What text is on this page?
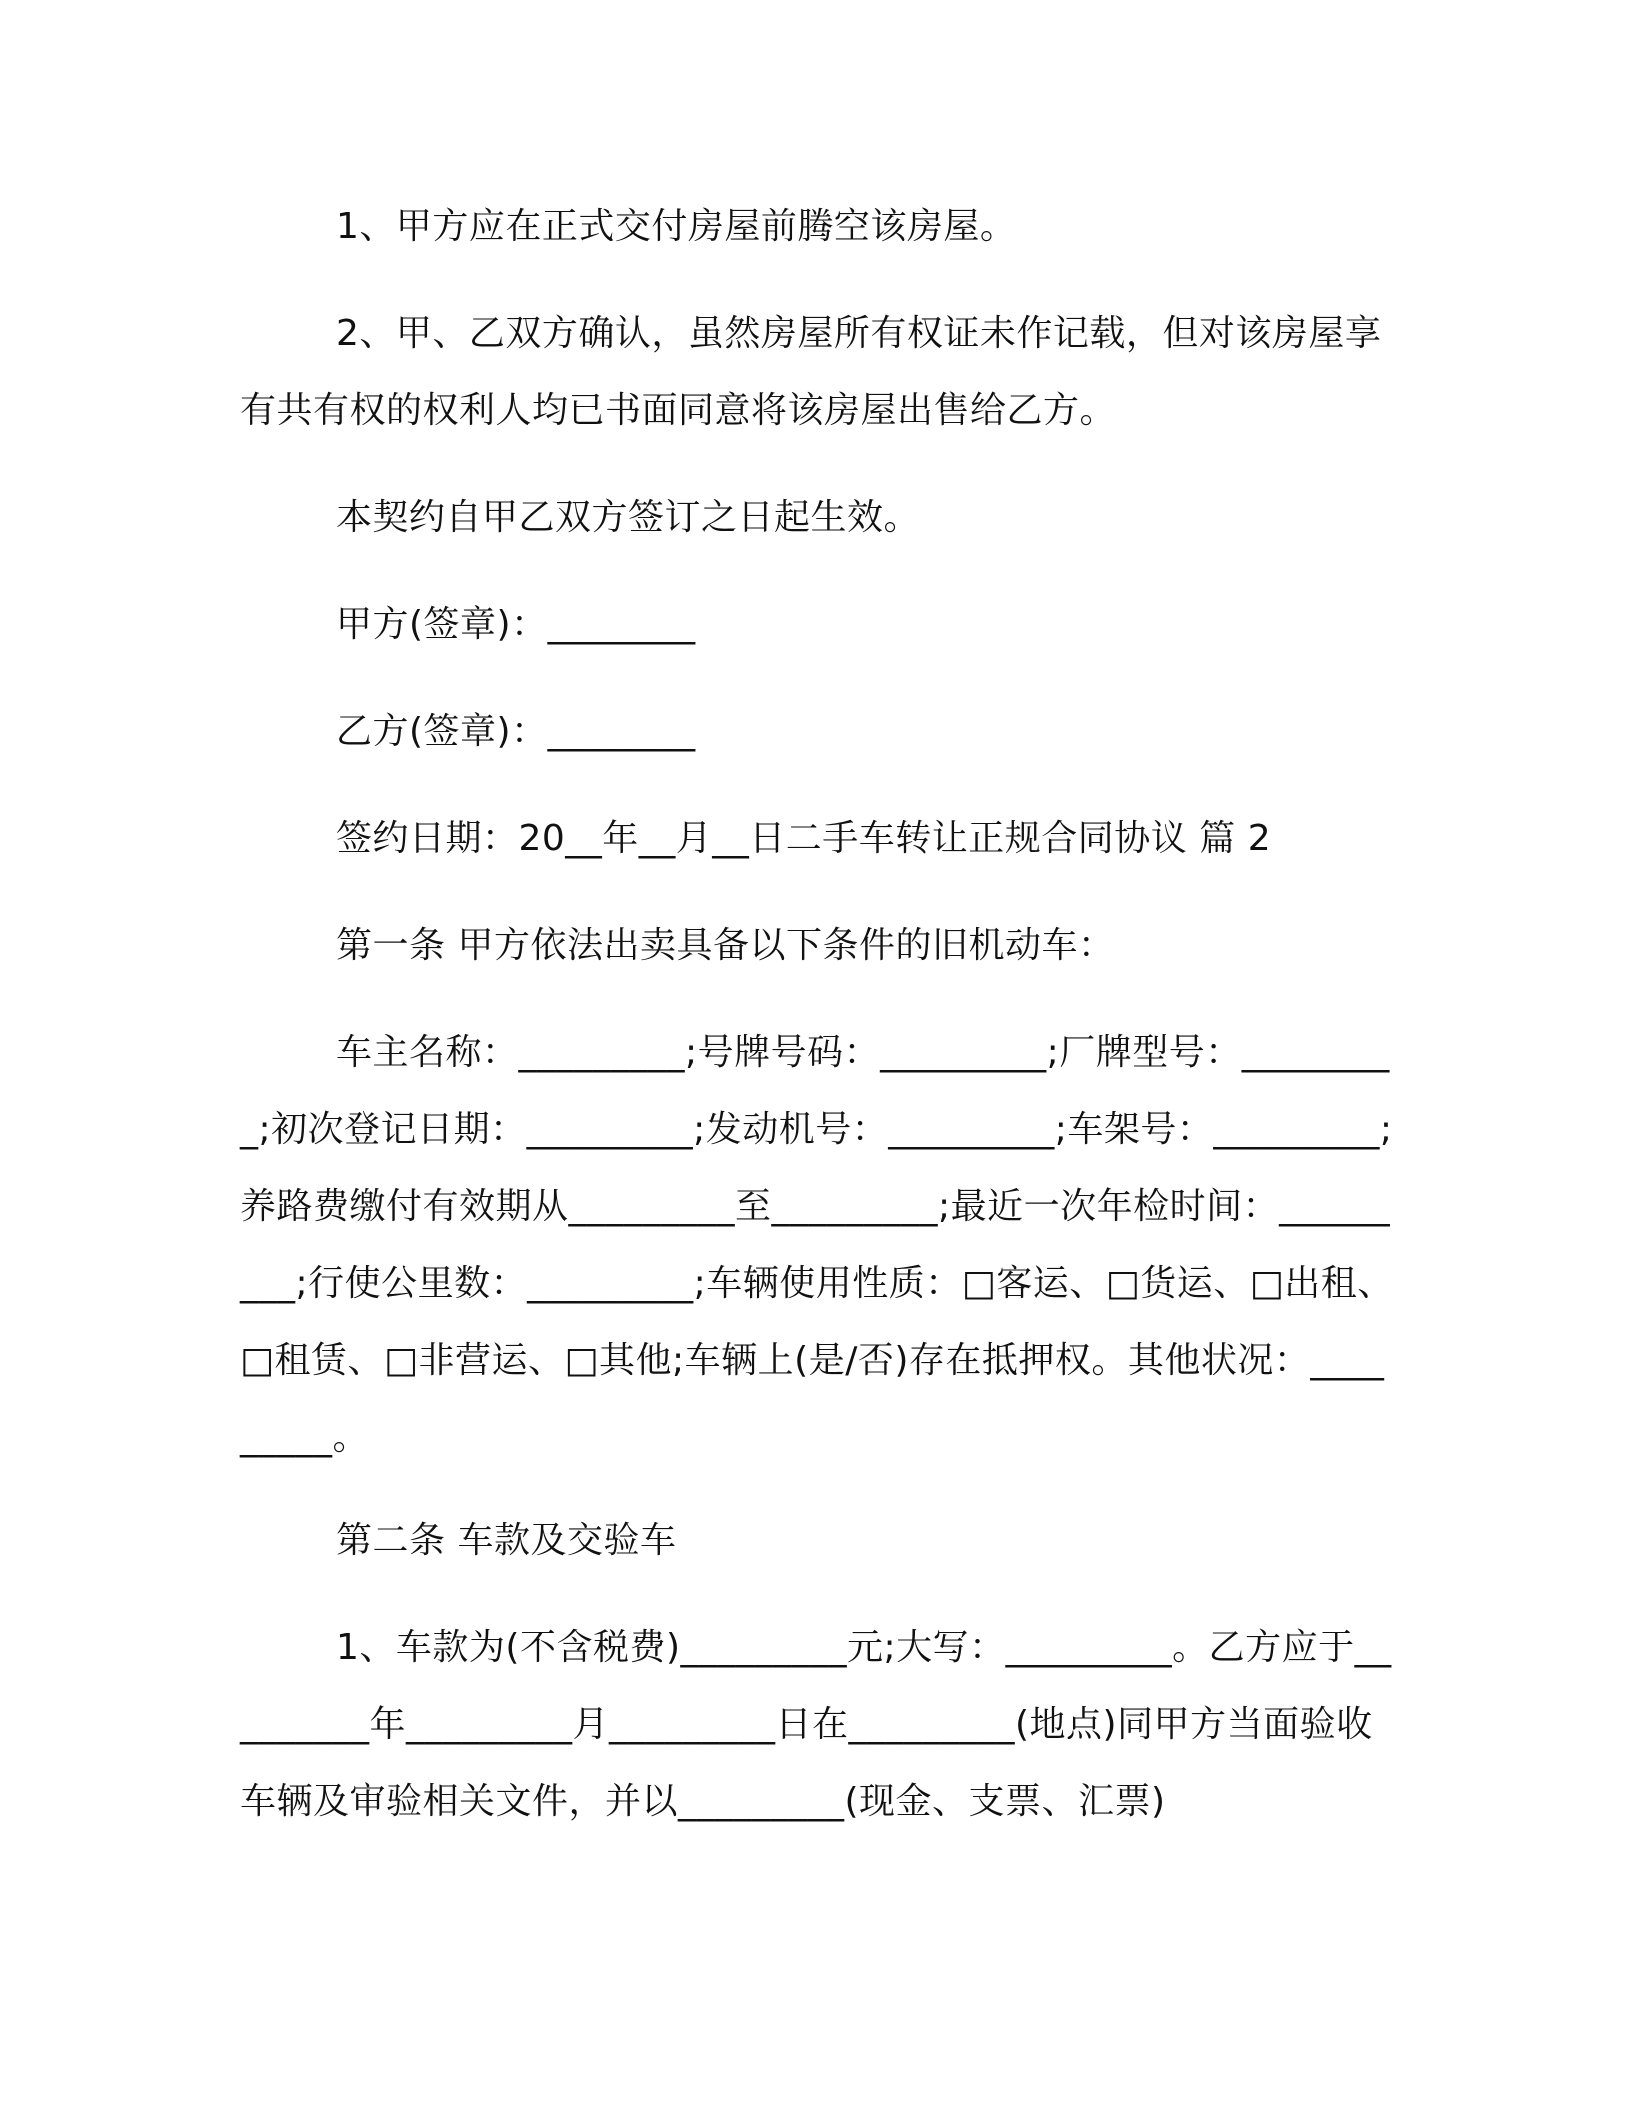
1、甲方应在正式交付房屋前腾空该房屋。

2、甲、乙双方确认，虽然房屋所有权证未作记载，但对该房屋享有共有权的权利人均已书面同意将该房屋出售给乙方。

本契约自甲乙双方签订之日起生效。

甲方(签章)：________

乙方(签章)：________

签约日期：20__年__月__日二手车转让正规合同协议 篇 2

第一条 甲方依法出卖具备以下条件的旧机动车：

车主名称：_________;号牌号码：_________;厂牌型号：_________;初次登记日期：_________;发动机号：_________;车架号：_________;养路费缴付有效期从_________至_________;最近一次年检时间：_________;行使公里数：_________;车辆使用性质：□客运、□货运、□出租、□租赁、□非营运、□其他;车辆上(是/否)存在抵押权。其他状况：_________。

第二条 车款及交验车

1、车款为(不含税费)_________元;大写：_________。乙方应于_________年_________月_________日在_________(地点)同甲方当面验收车辆及审验相关文件，并以_________(现金、支票、汇票)
